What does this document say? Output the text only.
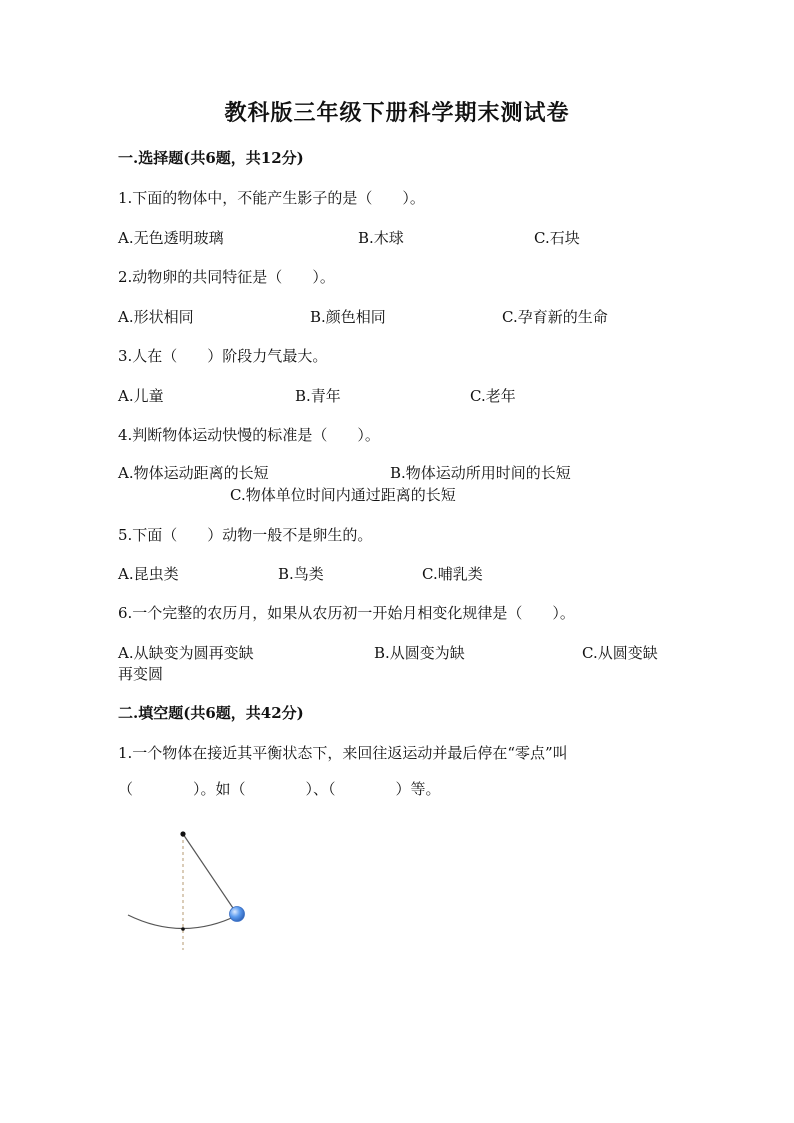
教科版三年级下册科学期末测试卷
一.选择题(共6题，共12分)
1.下面的物体中，不能产生影子的是（　　）。
A.无色透明玻璃	B.木球	C.石块
2.动物卵的共同特征是（　　）。
A.形状相同	B.颜色相同	C.孕育新的生命
3.人在（　　）阶段力气最大。
A.儿童	B.青年	C.老年
4.判断物体运动快慢的标准是（　　）。
A.物体运动距离的长短	B.物体运动所用时间的长短
C.物体单位时间内通过距离的长短
5.下面（　　）动物一般不是卵生的。
A.昆虫类	B.鸟类	C.哺乳类
6.一个完整的农历月，如果从农历初一开始月相变化规律是（　　）。
A.从缺变为圆再变缺	B.从圆变为缺	C.从圆变缺
再变圆
二.填空题(共6题，共42分)
1.一个物体在接近其平衡状态下，来回往返运动并最后停在“零点”叫
（　　　　）。如（　　　　）、（　　　　）等。
